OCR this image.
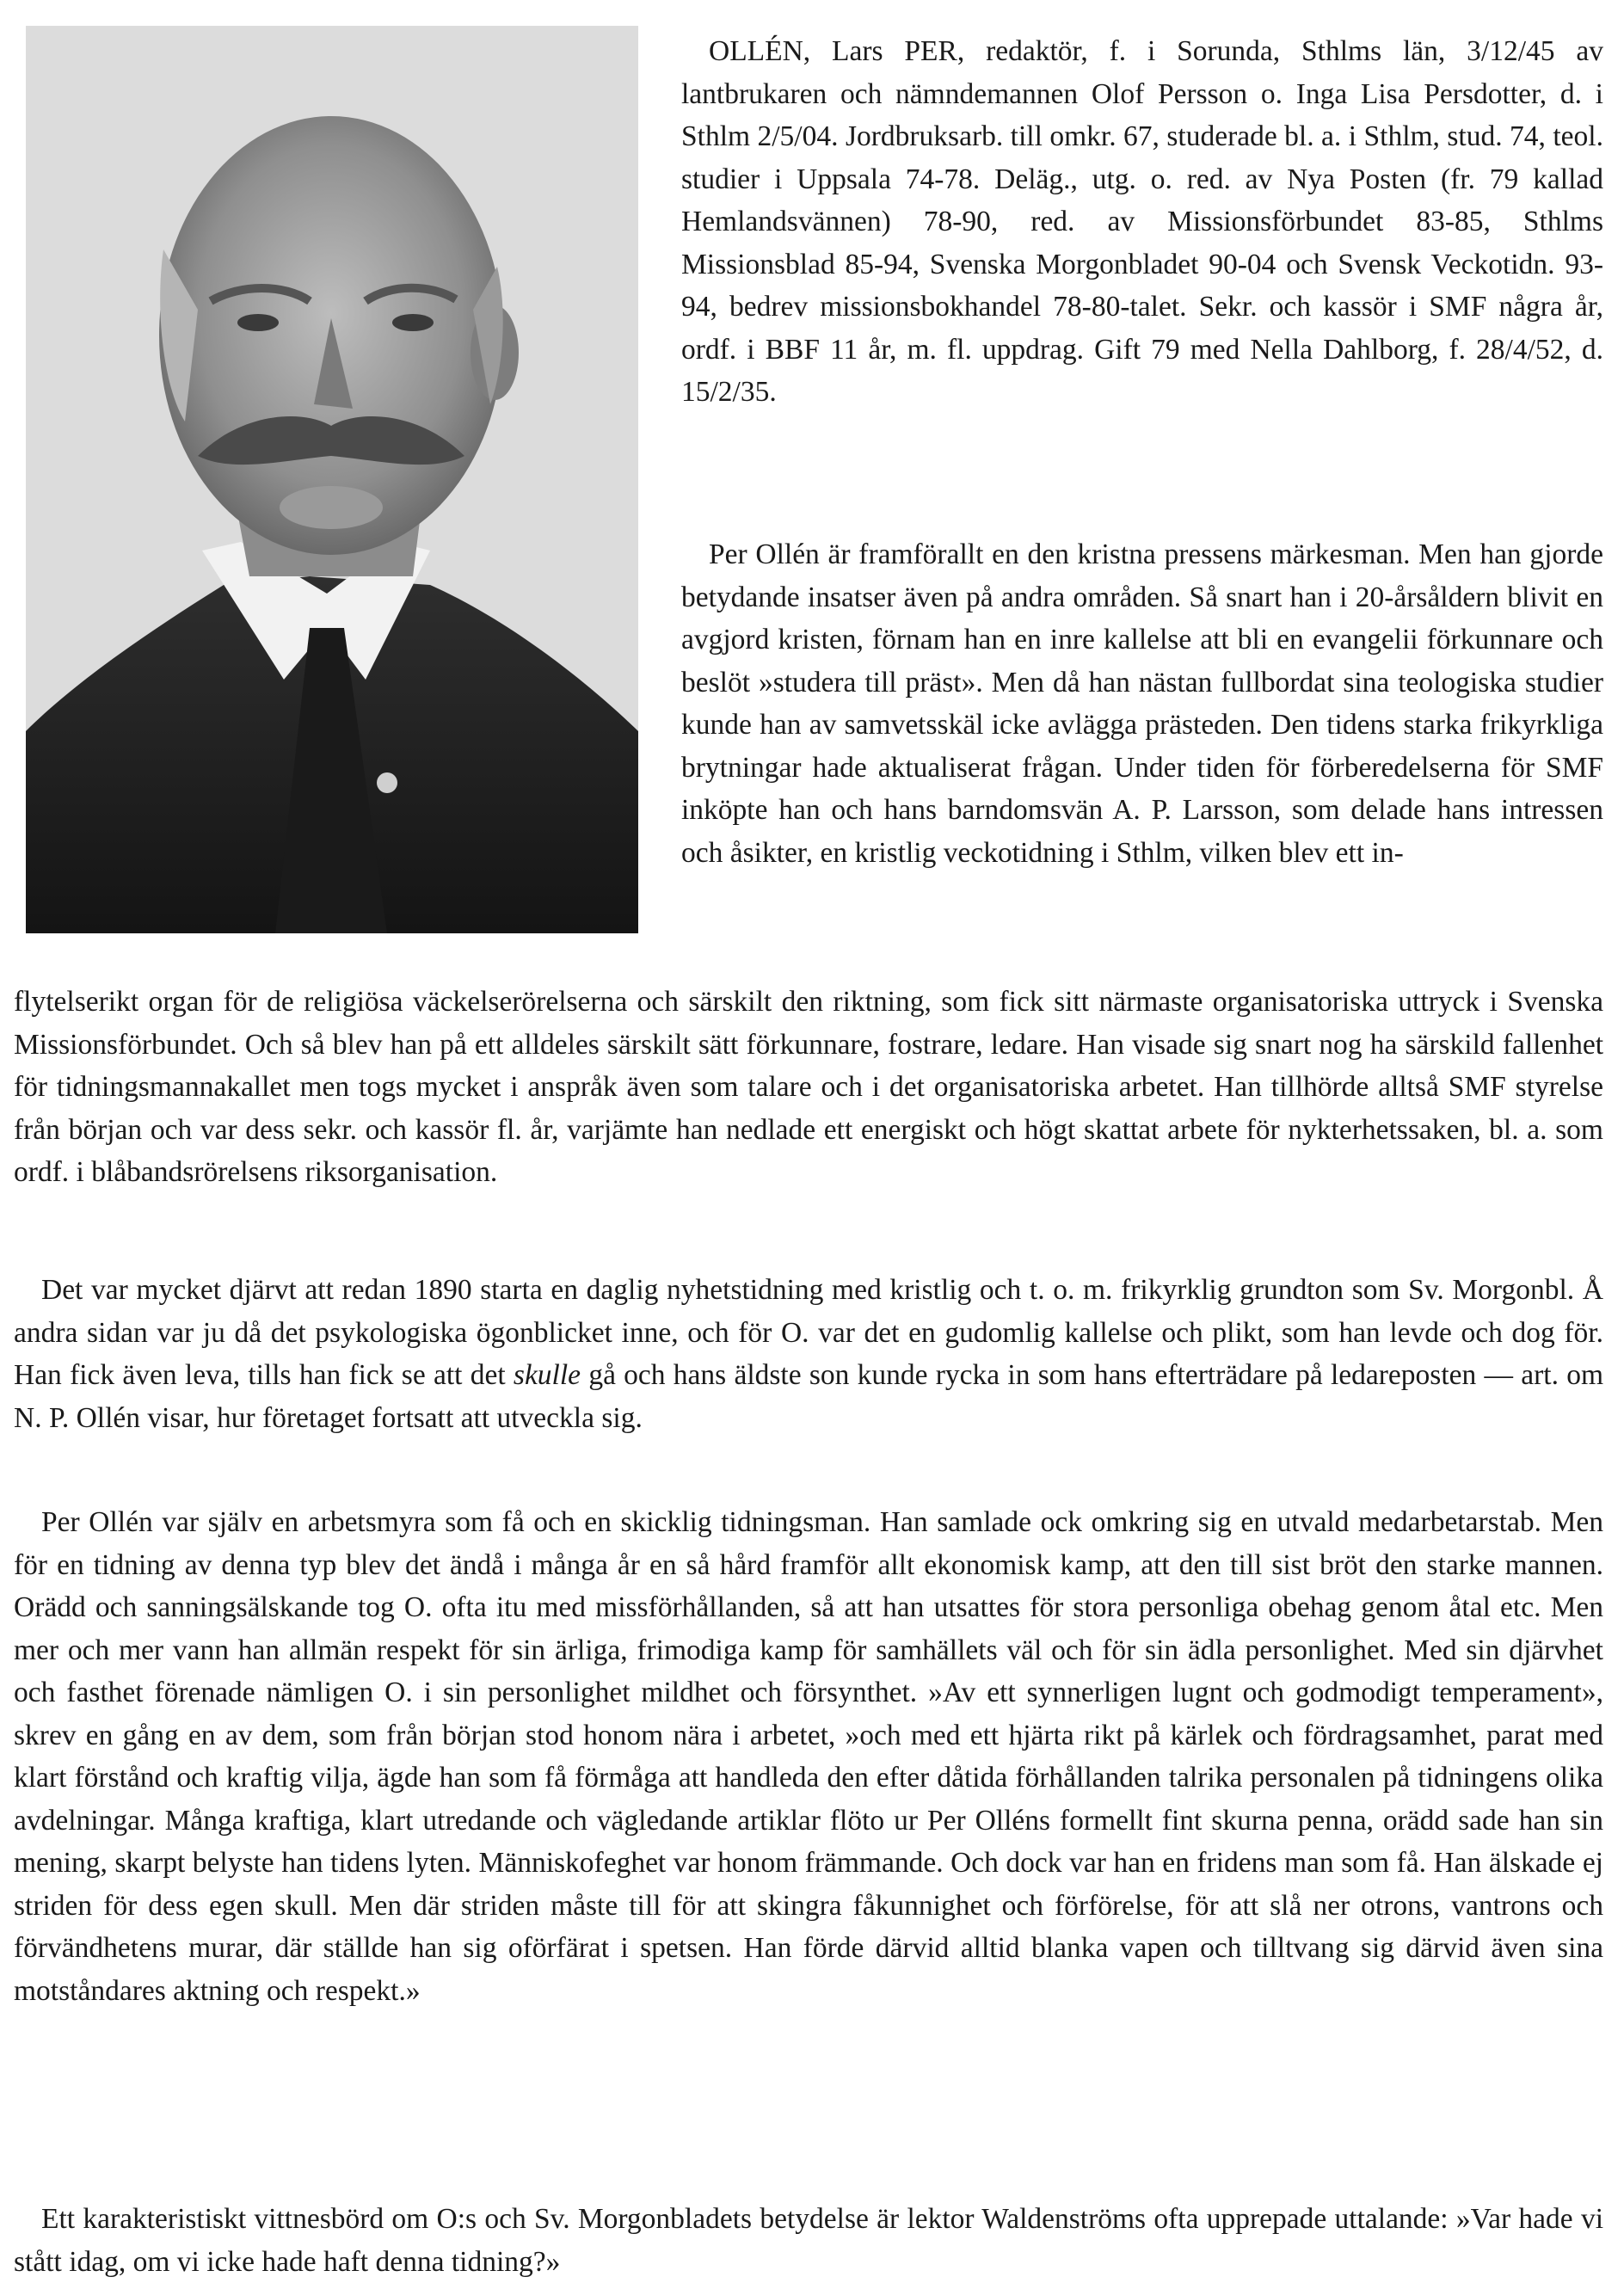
OLLÉN, Lars PER, redaktör, f. i Sorunda, Sthlms län, 3/12/45 av lantbrukaren och nämndemannen Olof Persson o. Inga Lisa Persdotter, d. i Sthlm 2/5/04. Jordbruksarb. till omkr. 67, studerade bl. a. i Sthlm, stud. 74, teol. studier i Uppsala 74-78. Deläg., utg. o. red. av Nya Posten (fr. 79 kallad Hemlandsvännen) 78-90, red. av Missionsförbundet 83-85, Sthlms Missionsblad 85-94, Svenska Morgonbladet 90-04 och Svensk Veckotidn. 93-94, bedrev missionsbokhandel 78-80-talet. Sekr. och kassör i SMF några år, ordf. i BBF 11 år, m. fl. uppdrag. Gift 79 med Nella Dahlborg, f. 28/4/52, d. 15/2/35.

Per Ollén är framförallt en den kristna pressens märkesman. Men han gjorde betydande insatser även på andra områden. Så snart han i 20-årsåldern blivit en avgjord kristen, förnam han en inre kallelse att bli en evangelii förkunnare och beslöt »studera till präst». Men då han nästan fullbordat sina teologiska studier kunde han av samvetsskäl icke avlägga prästeden. Den tidens starka frikyrkliga brytningar hade aktualiserat frågan. Under tiden för förberedelserna för SMF inköpte han och hans barndomsvän A. P. Larsson, som delade hans intressen och åsikter, en kristlig veckotidning i Sthlm, vilken blev ett in-

flytelserikt organ för de religiösa väckelserörelserna och särskilt den riktning, som fick sitt närmaste organisatoriska uttryck i Svenska Missionsförbundet. Och så blev han på ett alldeles särskilt sätt förkunnare, fostrare, ledare. Han visade sig snart nog ha särskild fallenhet för tidningsmannakallet men togs mycket i anspråk även som talare och i det organisatoriska arbetet. Han tillhörde alltså SMF styrelse från början och var dess sekr. och kassör fl. år, varjämte han nedlade ett energiskt och högt skattat arbete för nykterhetssaken, bl. a. som ordf. i blåbandsrörelsens riksorganisation.

Det var mycket djärvt att redan 1890 starta en daglig nyhetstidning med kristlig och t. o. m. frikyrklig grundton som Sv. Morgonbl. Å andra sidan var ju då det psykologiska ögonblicket inne, och för O. var det en gudomlig kallelse och plikt, som han levde och dog för. Han fick även leva, tills han fick se att det skulle gå och hans äldste son kunde rycka in som hans efterträdare på ledareposten — art. om N. P. Ollén visar, hur företaget fortsatt att utveckla sig.

Per Ollén var själv en arbetsmyra som få och en skicklig tidningsman. Han samlade ock omkring sig en utvald medarbetarstab. Men för en tidning av denna typ blev det ändå i många år en så hård framför allt ekonomisk kamp, att den till sist bröt den starke mannen. Orädd och sanningsälskande tog O. ofta itu med missförhållanden, så att han utsattes för stora personliga obehag genom åtal etc. Men mer och mer vann han allmän respekt för sin ärliga, frimodiga kamp för samhällets väl och för sin ädla personlighet. Med sin djärvhet och fasthet förenade nämligen O. i sin personlighet mildhet och försynthet. »Av ett synnerligen lugnt och godmodigt temperament», skrev en gång en av dem, som från början stod honom nära i arbetet, »och med ett hjärta rikt på kärlek och fördragsamhet, parat med klart förstånd och kraftig vilja, ägde han som få förmåga att handleda den efter dåtida förhållanden talrika personalen på tidningens olika avdelningar. Många kraftiga, klart utredande och vägledande artiklar flöto ur Per Olléns formellt fint skurna penna, orädd sade han sin mening, skarpt belyste han tidens lyten. Människofeghet var honom främmande. Och dock var han en fridens man som få. Han älskade ej striden för dess egen skull. Men där striden måste till för att skingra fåkunnighet och förförelse, för att slå ner otrons, vantrons och förvändhetens murar, där ställde han sig oförfärat i spetsen. Han förde därvid alltid blanka vapen och tilltvang sig därvid även sina motståndares aktning och respekt.»

Ett karakteristiskt vittnesbörd om O:s och Sv. Morgonbladets betydelse är lektor Waldenströms ofta upprepade uttalande: »Var hade vi stått idag, om vi icke hade haft denna tidning?»
